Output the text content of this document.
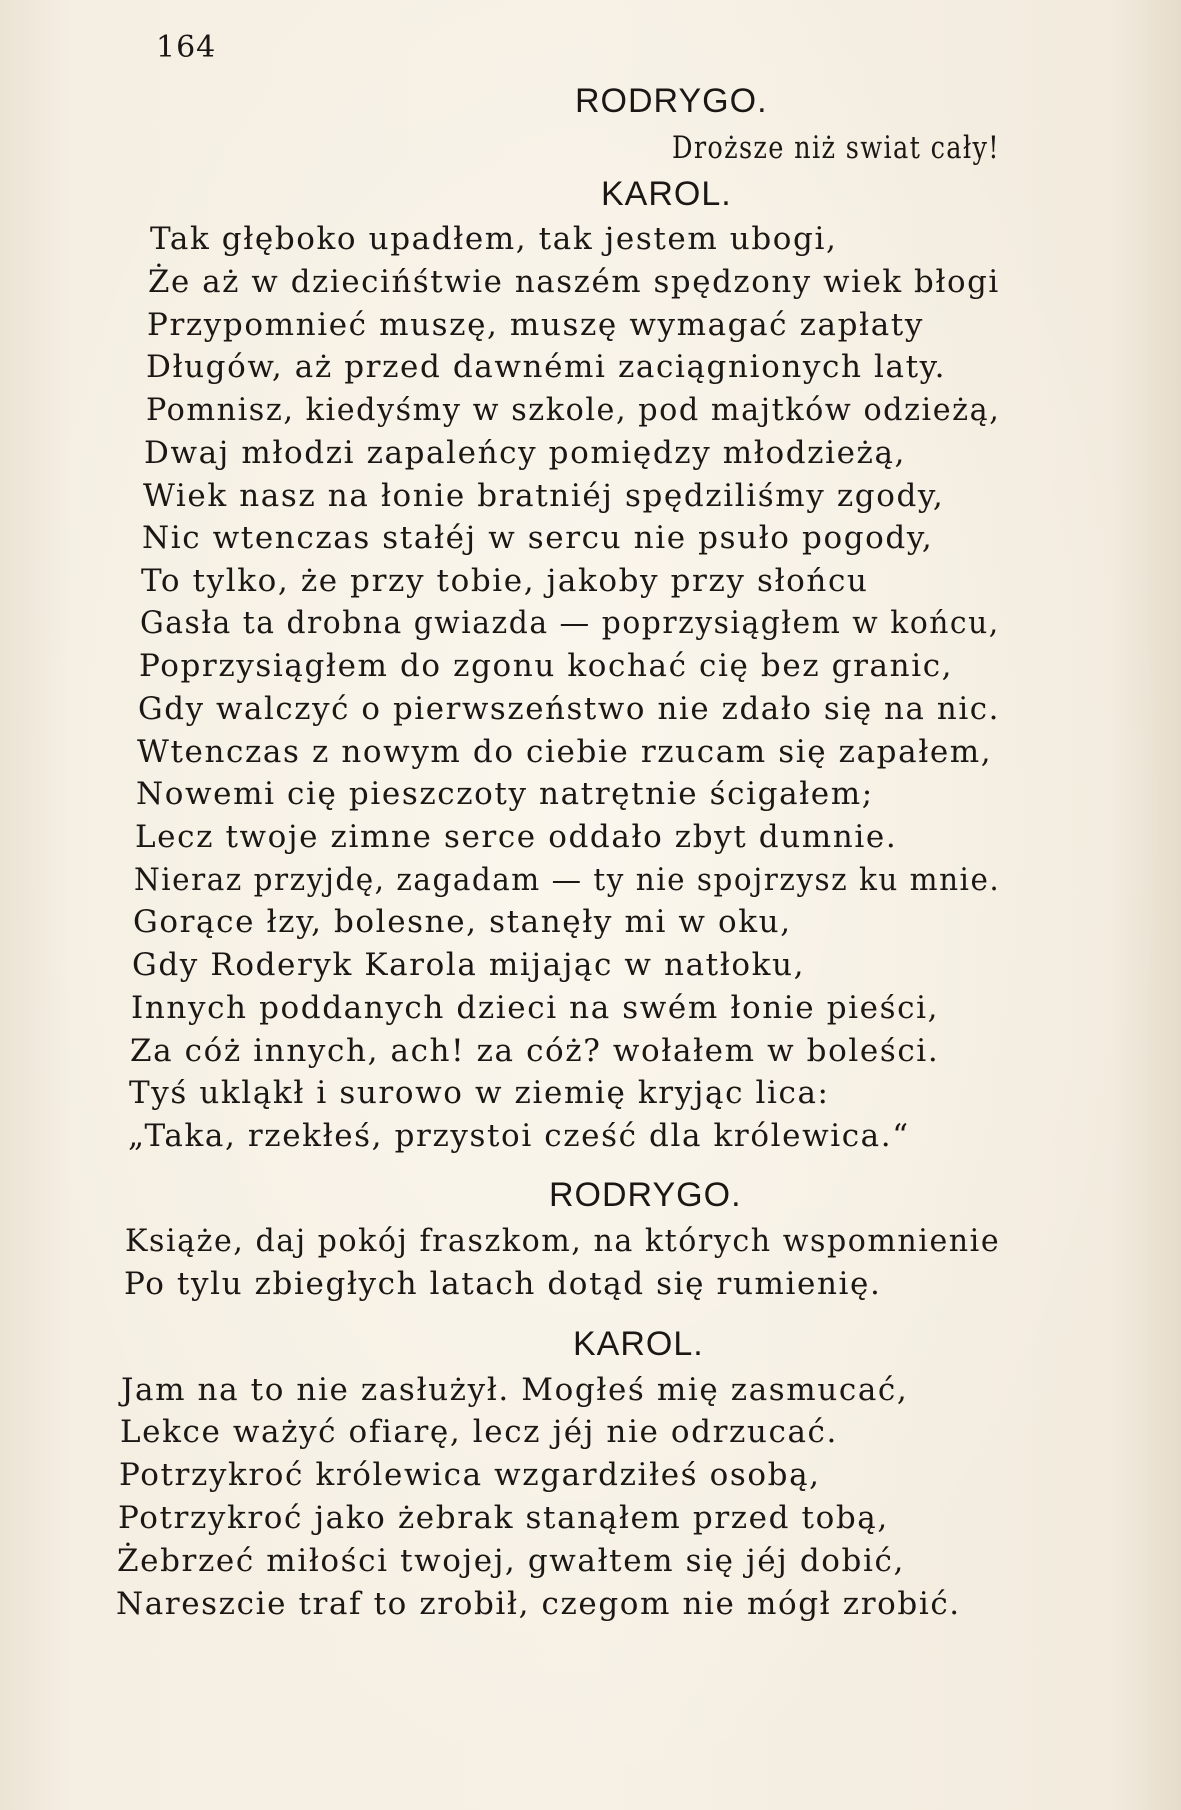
164
RODRYGO.
Droższe niż swiat cały!
KAROL.
Tak głęboko upadłem, tak jestem ubogi,
Że aż w dziecińśtwie naszém spędzony wiek błogi
Przypomnieć muszę, muszę wymagać zapłaty
Długów, aż przed dawnémi zaciągnionych laty.
Pomnisz, kiedyśmy w szkole, pod majtków odzieżą,
Dwaj młodzi zapaleńcy pomiędzy młodzieżą,
Wiek nasz na łonie bratniéj spędziliśmy zgody,
Nic wtenczas stałéj w sercu nie psuło pogody,
To tylko, że przy tobie, jakoby przy słońcu
Gasła ta drobna gwiazda — poprzysiągłem w końcu,
Poprzysiągłem do zgonu kochać cię bez granic,
Gdy walczyć o pierwszeństwo nie zdało się na nic.
Wtenczas z nowym do ciebie rzucam się zapałem,
Nowemi cię pieszczoty natrętnie ścigałem;
Lecz twoje zimne serce oddało zbyt dumnie.
Nieraz przyjdę, zagadam — ty nie spojrzysz ku mnie.
Gorące łzy, bolesne, stanęły mi w oku,
Gdy Roderyk Karola mijając w natłoku,
Innych poddanych dzieci na swém łonie pieści,
Za cóż innych, ach! za cóż? wołałem w boleści.
Tyś ukląkł i surowo w ziemię kryjąc lica:
„Taka, rzekłeś, przystoi cześć dla królewica.“
RODRYGO.
Książe, daj pokój fraszkom, na których wspomnienie
Po tylu zbiegłych latach dotąd się rumienię.
KAROL.
Jam na to nie zasłużył. Mogłeś mię zasmucać,
Lekce ważyć ofiarę, lecz jéj nie odrzucać.
Potrzykroć królewica wzgardziłeś osobą,
Potrzykroć jako żebrak stanąłem przed tobą,
Żebrzeć miłości twojej, gwałtem się jéj dobić,
Nareszcie traf to zrobił, czegom nie mógł zrobić.
